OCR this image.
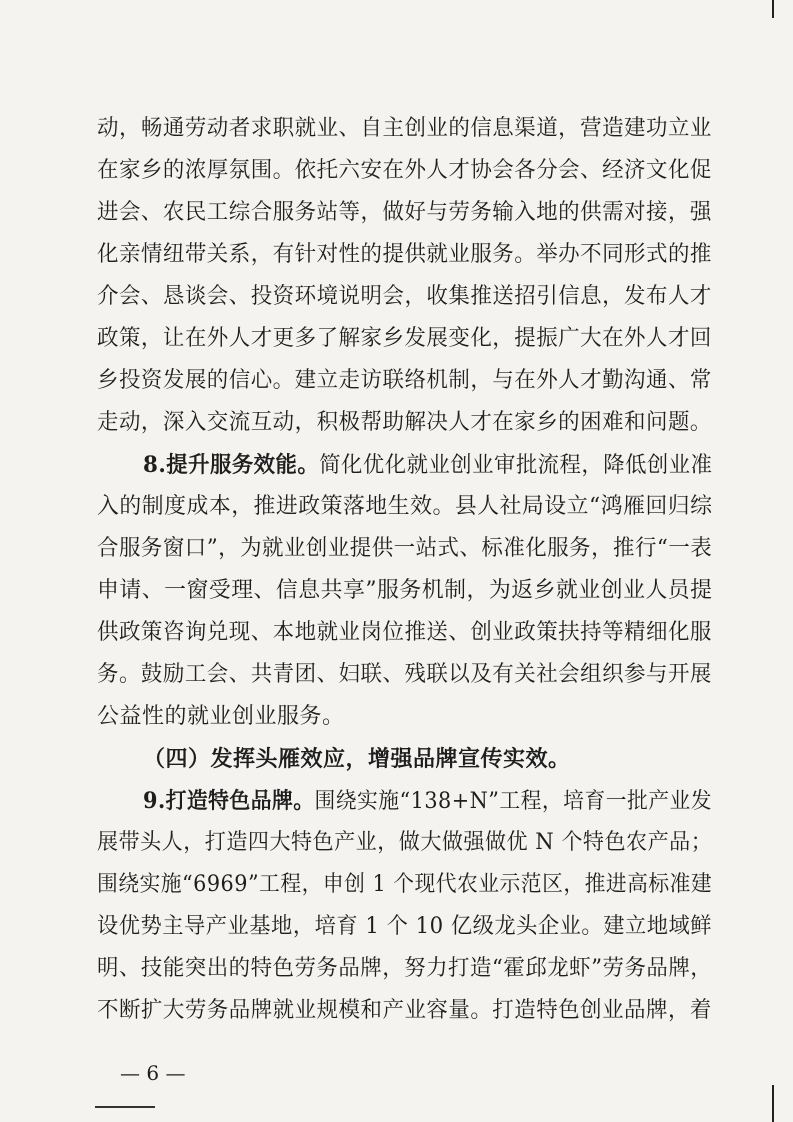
动，畅通劳动者求职就业、自主创业的信息渠道，营造建功立业
在家乡的浓厚氛围。依托六安在外人才协会各分会、经济文化促
进会、农民工综合服务站等，做好与劳务输入地的供需对接，强
化亲情纽带关系，有针对性的提供就业服务。举办不同形式的推
介会、恳谈会、投资环境说明会，收集推送招引信息，发布人才
政策，让在外人才更多了解家乡发展变化，提振广大在外人才回
乡投资发展的信心。建立走访联络机制，与在外人才勤沟通、常
走动，深入交流互动，积极帮助解决人才在家乡的困难和问题。
8.提升服务效能。简化优化就业创业审批流程，降低创业准
入的制度成本，推进政策落地生效。县人社局设立“鸿雁回归综
合服务窗口”，为就业创业提供一站式、标准化服务，推行“一表
申请、一窗受理、信息共享”服务机制，为返乡就业创业人员提
供政策咨询兑现、本地就业岗位推送、创业政策扶持等精细化服
务。鼓励工会、共青团、妇联、残联以及有关社会组织参与开展
公益性的就业创业服务。
（四）发挥头雁效应，增强品牌宣传实效。
9.打造特色品牌。围绕实施“138+N”工程，培育一批产业发
展带头人，打造四大特色产业，做大做强做优 N 个特色农产品；
围绕实施“6969”工程，申创 1 个现代农业示范区，推进高标准建
设优势主导产业基地，培育 1 个 10 亿级龙头企业。建立地域鲜
明、技能突出的特色劳务品牌，努力打造“霍邱龙虾”劳务品牌，
不断扩大劳务品牌就业规模和产业容量。打造特色创业品牌，着
— 6 —
